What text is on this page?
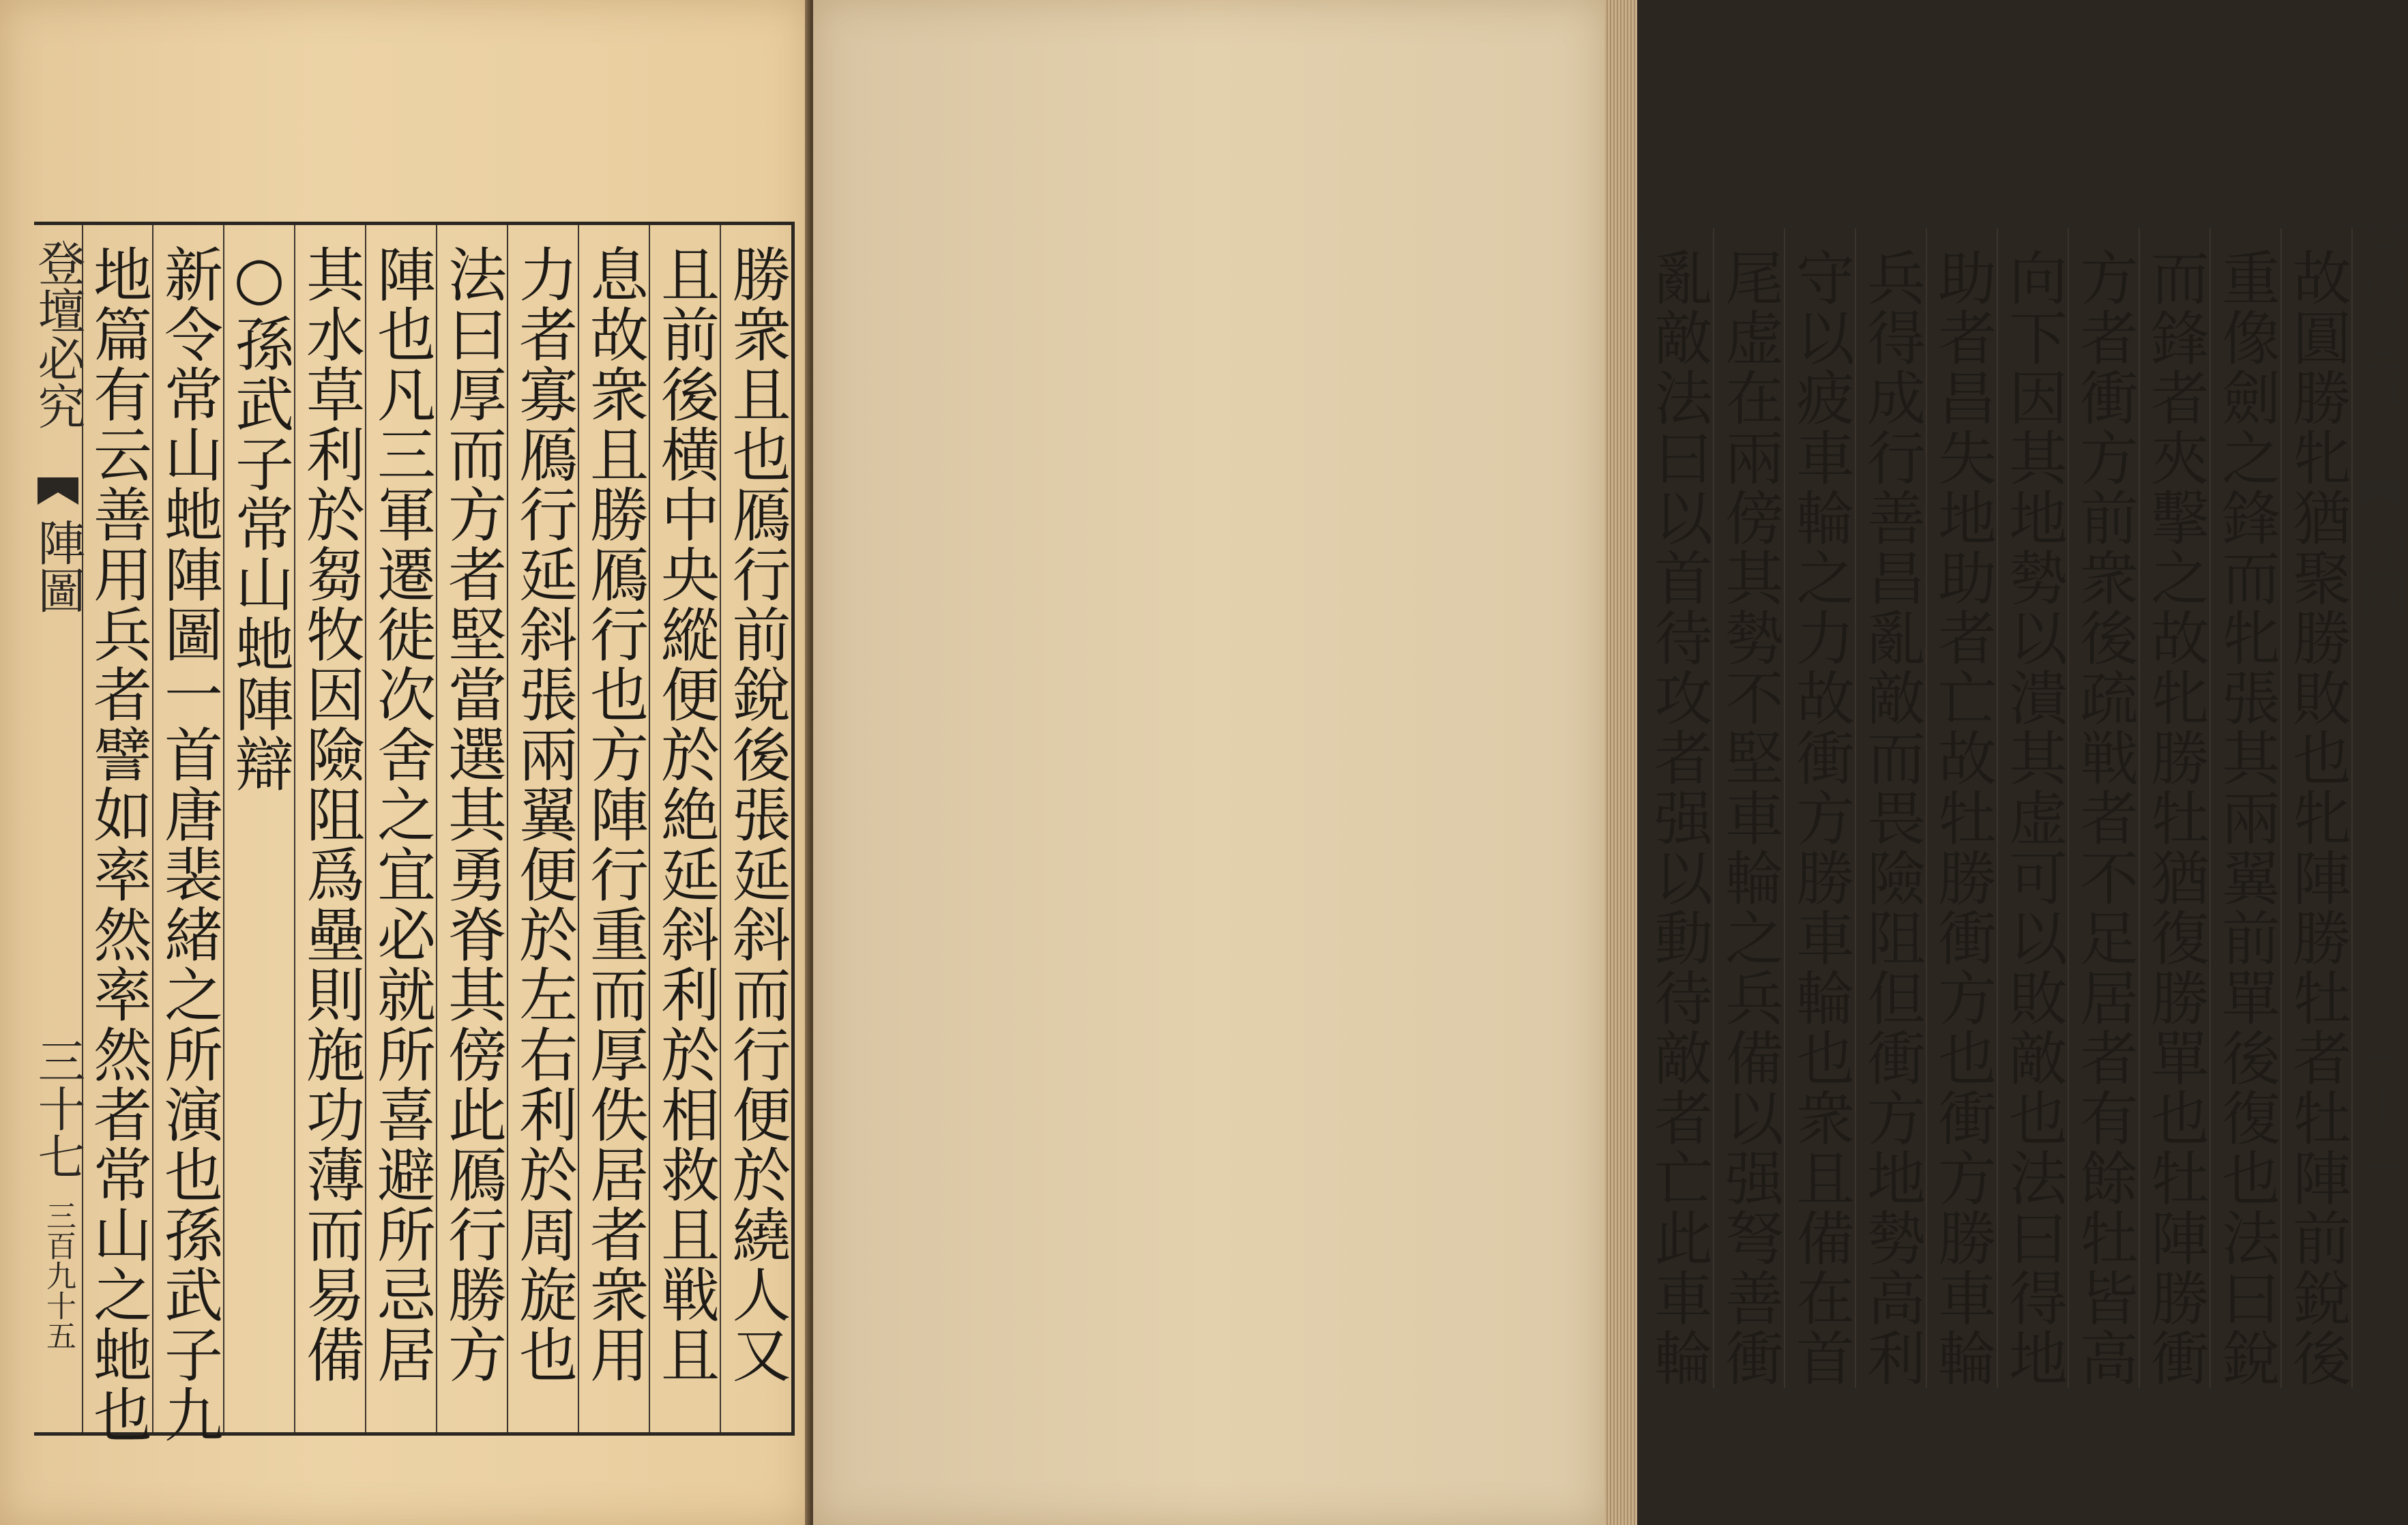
登壇必究
陣圖
三十七
三百九十五 地篇有云善用兵者譬如率然率然者常山之虵也 新令常山虵陣圖一首唐裴緒之所演也孫武子九 ○孫武子常山虵陣辯 其水草利於芻牧因險阻爲壘則施功薄而易備 陣也凡三軍遷徙次舍之宜必就所喜避所忌居 法曰厚而方者堅當選其勇脊其傍此鴈行勝方 力者寡鴈行延斜張兩翼便於左右利於周旋也 息故衆且勝鴈行也方陣行重而厚佚居者衆用 且前後横中央縱便於絶延斜利於相救且戦且 勝衆且也鴈行前銳後張延斜而行便於繞人又	亂敵法曰以首待攻者强以動待敵者亡此車輪 尾虚在兩傍其勢不堅車輪之兵備以强弩善衝 守以疲車輪之力故衝方勝車輪也衆且備在首 兵得成行善昌亂敵而畏險阻但衝方地勢高利 助者昌失地助者亡故牡勝衝方也衝方勝車輪 向下因其地勢以潰其虚可以敗敵也法曰得地 方者衝方前衆後疏戦者不足居者有餘牡皆高 而鋒者夾擊之故牝勝牡猶復勝單也牡陣勝衝 重像劍之鋒而牝張其兩翼前單後復也法曰銳 故圓勝牝猶聚勝敗也牝陣勝牡者牡陣前銳後 登壇必究
陣圖
三十二
陣圖卅二
